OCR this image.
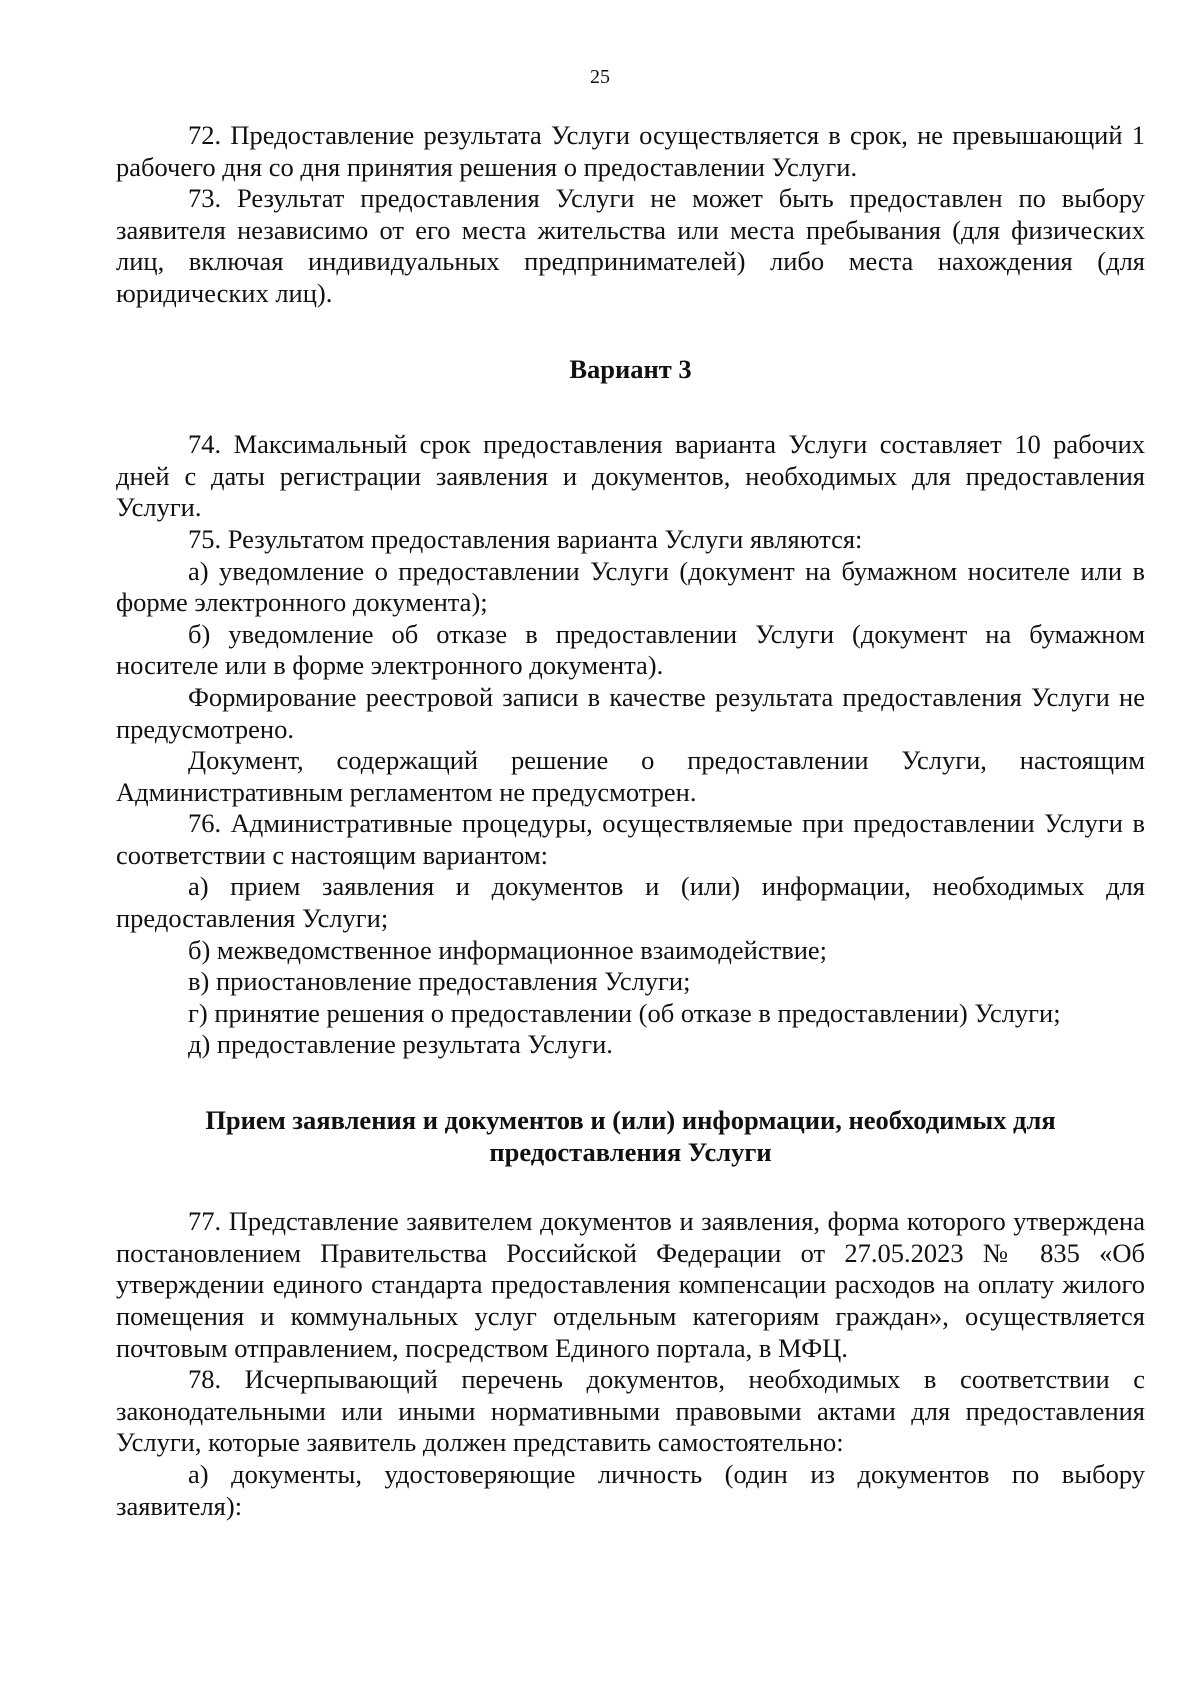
25

72. Предоставление результата Услуги осуществляется в срок, не превышающий 1 рабочего дня со дня принятия решения о предоставлении Услуги.

73. Результат предоставления Услуги не может быть предоставлен по выбору заявителя независимо от его места жительства или места пребывания (для физических лиц, включая индивидуальных предпринимателей) либо места нахождения (для юридических лиц).

Вариант 3

74. Максимальный срок предоставления варианта Услуги составляет 10 рабочих дней с даты регистрации заявления и документов, необходимых для предоставления Услуги.

75. Результатом предоставления варианта Услуги являются:

а) уведомление о предоставлении Услуги (документ на бумажном носителе или в форме электронного документа);

б) уведомление об отказе в предоставлении Услуги (документ на бумажном носителе или в форме электронного документа).

Формирование реестровой записи в качестве результата предоставления Услуги не предусмотрено.

Документ, содержащий решение о предоставлении Услуги, настоящим Административным регламентом не предусмотрен.

76. Административные процедуры, осуществляемые при предоставлении Услуги в соответствии с настоящим вариантом:

а) прием заявления и документов и (или) информации, необходимых для предоставления Услуги;

б) межведомственное информационное взаимодействие;

в) приостановление предоставления Услуги;

г) принятие решения о предоставлении (об отказе в предоставлении) Услуги;

д) предоставление результата Услуги.

Прием заявления и документов и (или) информации, необходимых для предоставления Услуги

77. Представление заявителем документов и заявления, форма которого утверждена постановлением Правительства Российской Федерации от 27.05.2023 № 835 «Об утверждении единого стандарта предоставления компенсации расходов на оплату жилого помещения и коммунальных услуг отдельным категориям граждан», осуществляется почтовым отправлением, посредством Единого портала, в МФЦ.

78. Исчерпывающий перечень документов, необходимых в соответствии с законодательными или иными нормативными правовыми актами для предоставления Услуги, которые заявитель должен представить самостоятельно:

а) документы, удостоверяющие личность (один из документов по выбору заявителя):
